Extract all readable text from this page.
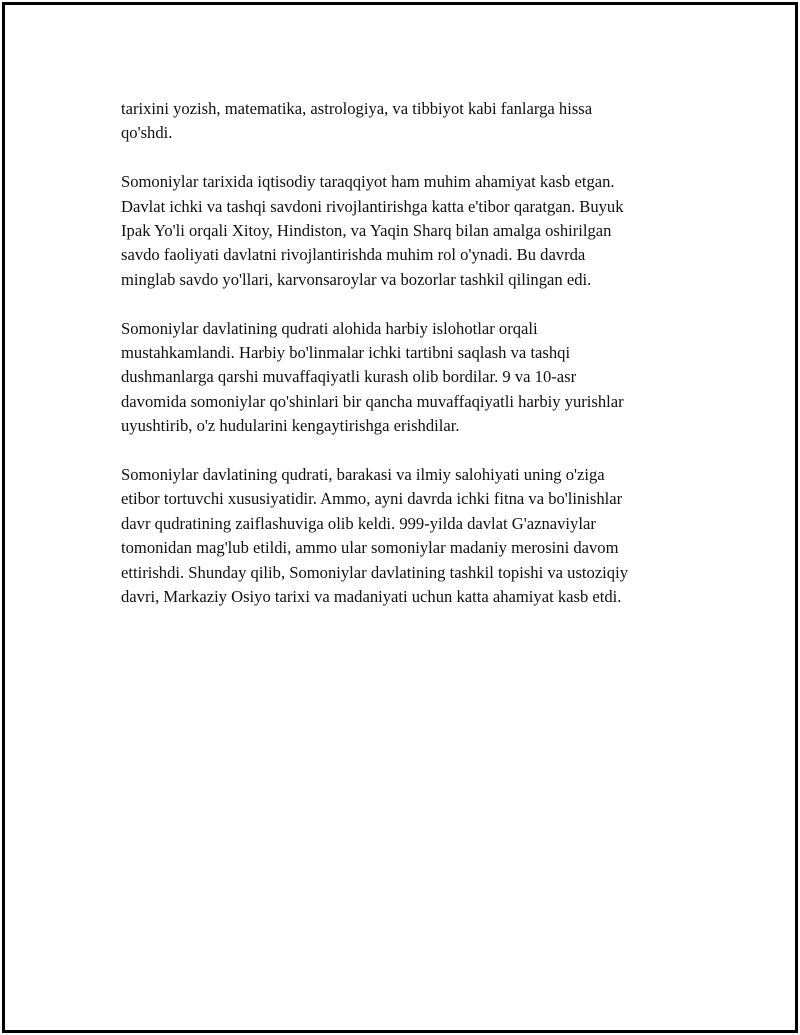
tarixini yozish, matematika, astrologiya, va tibbiyot kabi fanlarga hissa
qo'shdi.

Somoniylar tarixida iqtisodiy taraqqiyot ham muhim ahamiyat kasb etgan.
Davlat ichki va tashqi savdoni rivojlantirishga katta e'tibor qaratgan. Buyuk
Ipak Yo'li orqali Xitoy, Hindiston, va Yaqin Sharq bilan amalga oshirilgan
savdo faoliyati davlatni rivojlantirishda muhim rol o'ynadi. Bu davrda
minglab savdo yo'llari, karvonsaroylar va bozorlar tashkil qilingan edi.

Somoniylar davlatining qudrati alohida harbiy islohotlar orqali
mustahkamlandi. Harbiy bo'linmalar ichki tartibni saqlash va tashqi
dushmanlarga qarshi muvaffaqiyatli kurash olib bordilar. 9 va 10-asr
davomida somoniylar qo'shinlari bir qancha muvaffaqiyatli harbiy yurishlar
uyushtirib, o'z hudularini kengaytirishga erishdilar.

Somoniylar davlatining qudrati, barakasi va ilmiy salohiyati uning o'ziga
etibor tortuvchi xususiyatidir. Ammo, ayni davrda ichki fitna va bo'linishlar
davr qudratining zaiflashuviga olib keldi. 999-yilda davlat G'aznaviylar
tomonidan mag'lub etildi, ammo ular somoniylar madaniy merosini davom
ettirishdi. Shunday qilib, Somoniylar davlatining tashkil topishi va ustoziqiy
davri, Markaziy Osiyo tarixi va madaniyati uchun katta ahamiyat kasb etdi.
